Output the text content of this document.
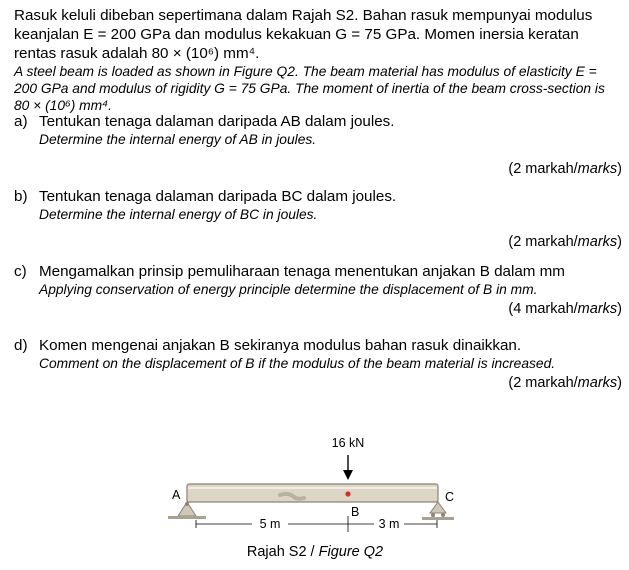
Rasuk keluli dibeban sepertimana dalam Rajah S2. Bahan rasuk mempunyai modulus keanjalan E = 200 GPa dan modulus kekakuan G = 75 GPa. Momen inersia keratan rentas rasuk adalah 80 × (10⁶) mm⁴.

A steel beam is loaded as shown in Figure Q2. The beam material has modulus of elasticity E = 200 GPa and modulus of rigidity G = 75 GPa. The moment of inertia of the beam cross-section is 80 × (10⁶) mm⁴.

a) Tentukan tenaga dalaman daripada AB dalam joules.

Determine the internal energy of AB in joules.

(2 markah/marks)
b) Tentukan tenaga dalaman daripada BC dalam joules.

Determine the internal energy of BC in joules.

(2 markah/marks)
c) Mengamalkan prinsip pemuliharaan tenaga menentukan anjakan B dalam mm

Applying conservation of energy principle determine the displacement of B in mm.

(4 markah/marks)
d) Komen mengenai anjakan B sekiranya modulus bahan rasuk dinaikkan.

Comment on the displacement of B if the modulus of the beam material is increased.

(2 markah/marks)
16 kN
A	C
B
5 m	3 m
Rajah S2 / Figure Q2
